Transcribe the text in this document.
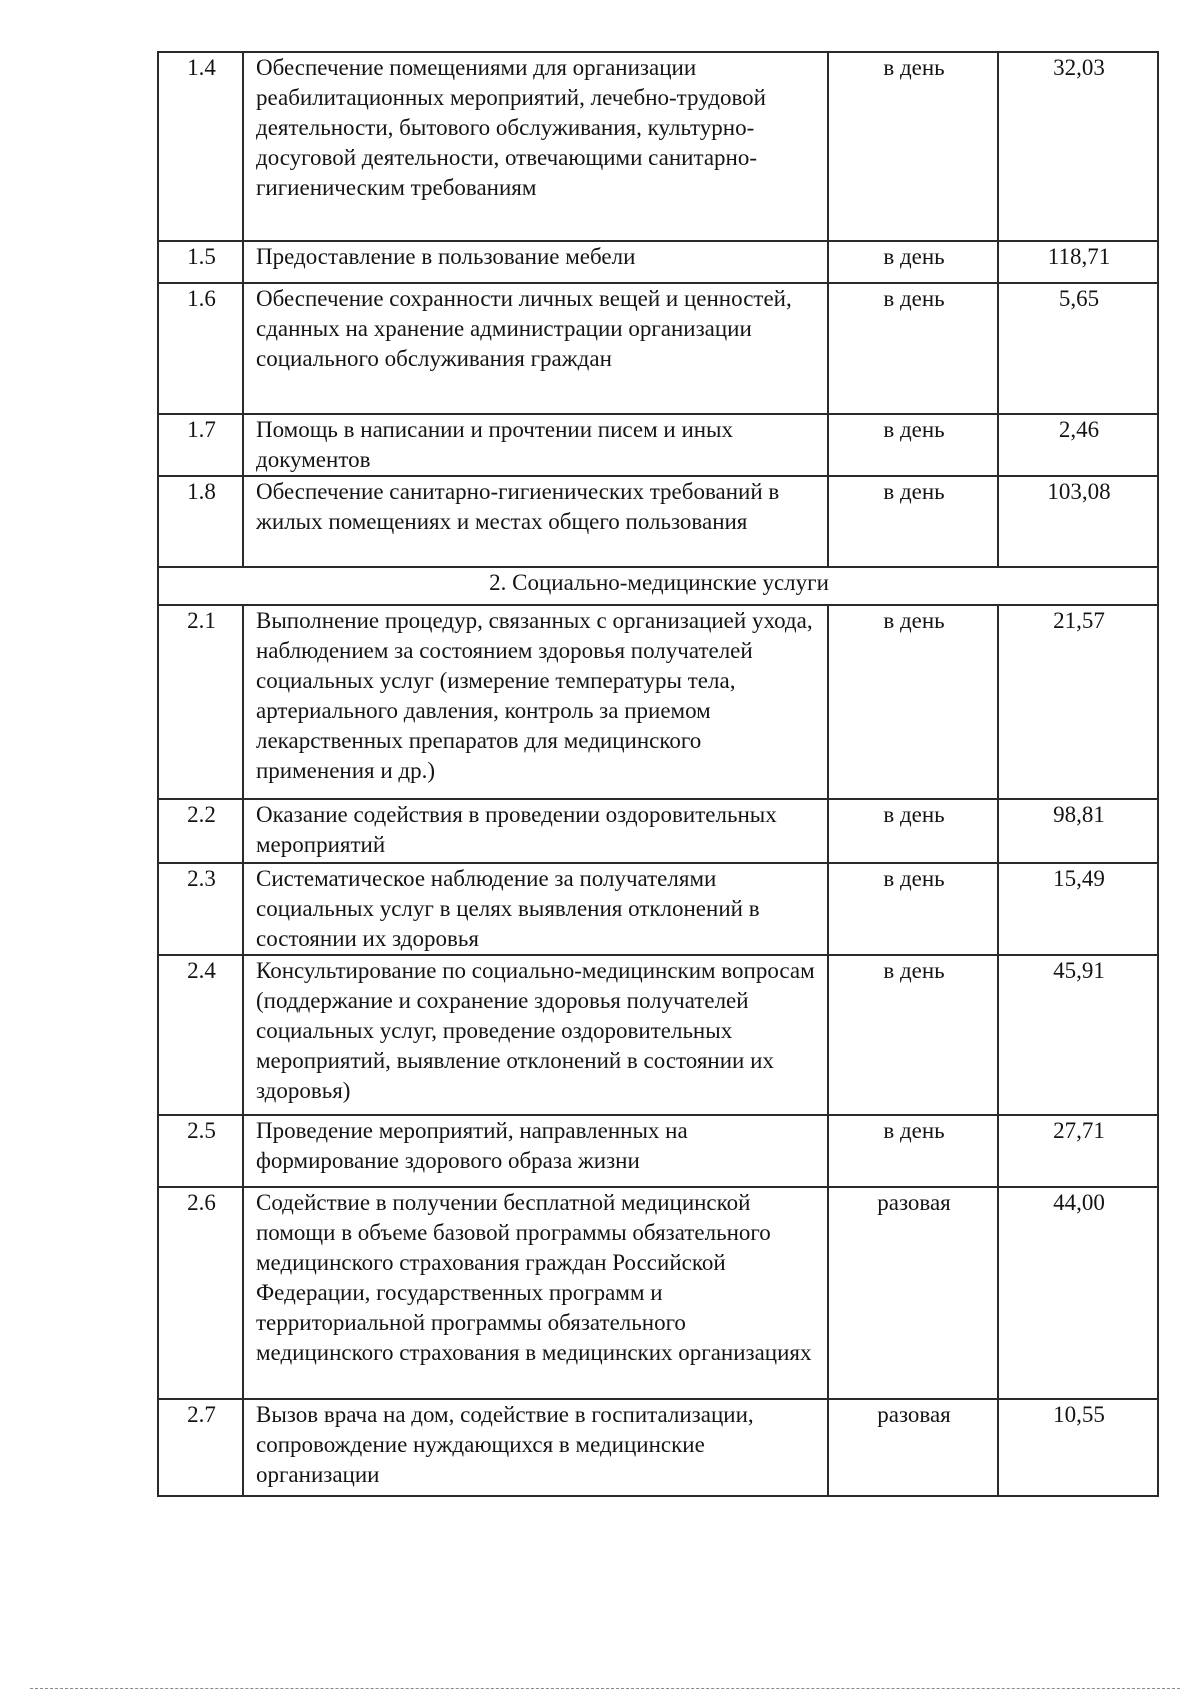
1.4	Обеспечение помещениями для организации реабилитационных мероприятий, лечебно-трудовой деятельности, бытового обслуживания, культурно-досуговой деятельности, отвечающими санитарно-гигиеническим требованиям	в день	32,03
1.5	Предоставление в пользование мебели	в день	118,71
1.6	Обеспечение сохранности личных вещей и ценностей, сданных на хранение администрации организации социального обслуживания граждан	в день	5,65
1.7	Помощь в написании и прочтении писем и иных документов	в день	2,46
1.8	Обеспечение санитарно-гигиенических требований в жилых помещениях и местах общего пользования	в день	103,08
2. Социально-медицинские услуги			
2.1	Выполнение процедур, связанных с организацией ухода, наблюдением за состоянием здоровья получателей социальных услуг (измерение температуры тела, артериального давления, контроль за приемом лекарственных препаратов для медицинского применения и др.)	в день	21,57
2.2	Оказание содействия в проведении оздоровительных мероприятий	в день	98,81
2.3	Систематическое наблюдение за получателями социальных услуг в целях выявления отклонений в состоянии их здоровья	в день	15,49
2.4	Консультирование по социально-медицинским вопросам (поддержание и сохранение здоровья получателей социальных услуг, проведение оздоровительных мероприятий, выявление отклонений в состоянии их здоровья)	в день	45,91
2.5	Проведение мероприятий, направленных на формирование здорового образа жизни	в день	27,71
2.6	Содействие в получении бесплатной медицинской помощи в объеме базовой программы обязательного медицинского страхования граждан Российской Федерации, государственных программ и территориальной программы обязательного медицинского страхования в медицинских организациях	разовая	44,00
2.7	Вызов врача на дом, содействие в госпитализации, сопровождение нуждающихся в медицинские организации	разовая	10,55
